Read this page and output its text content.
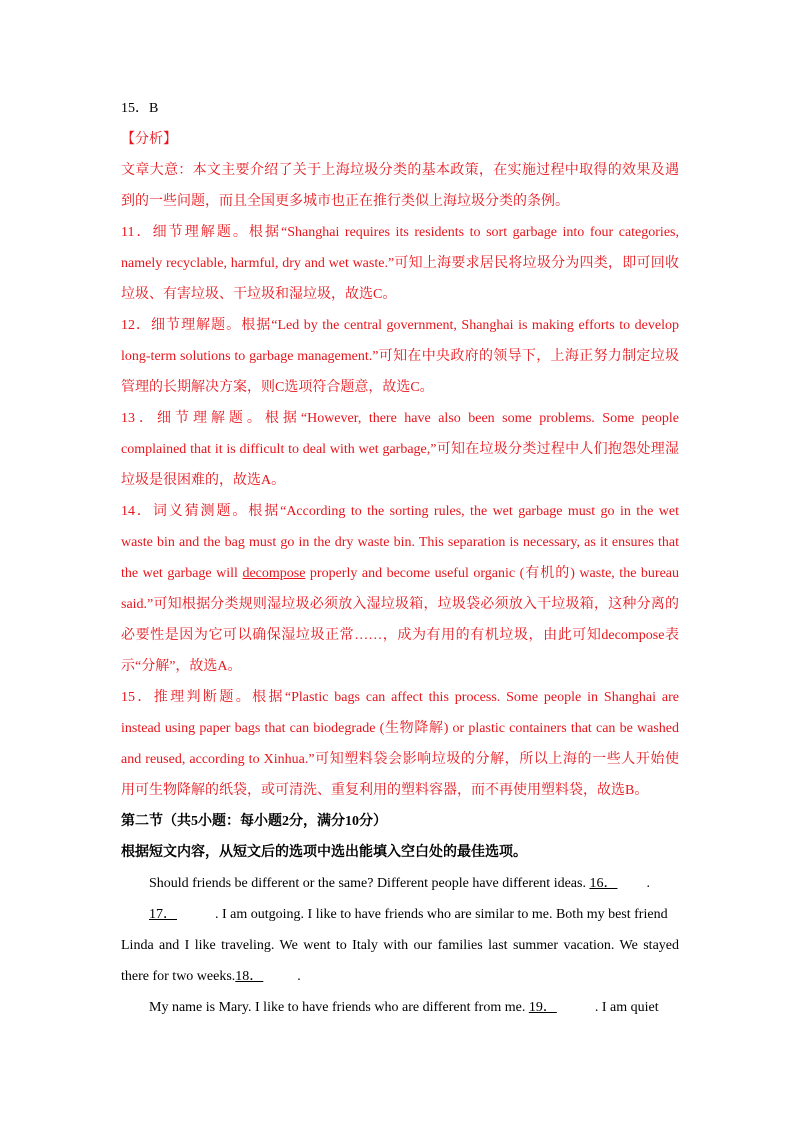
15．B
【分析】
文章大意：本文主要介绍了关于上海垃圾分类的基本政策，在实施过程中取得的效果及遇
到的一些问题，而且全国更多城市也正在推行类似上海垃圾分类的条例。
11．细节理解题。根据“Shanghai requires its residents to sort garbage into four categories,
namely recyclable, harmful, dry and wet waste.”可知上海要求居民将垃圾分为四类，即可回收
垃圾、有害垃圾、干垃圾和湿垃圾，故选C。
12．细节理解题。根据“Led by the central government, Shanghai is making efforts to develop
long-term solutions to garbage management.”可知在中央政府的领导下，上海正努力制定垃圾
管理的长期解决方案，则C选项符合题意，故选C。
13．细节理解题。根据“However, there have also been some problems. Some people
complained that it is difficult to deal with wet garbage,”可知在垃圾分类过程中人们抱怨处理湿
垃圾是很困难的，故选A。
14．词义猜测题。根据“According to the sorting rules, the wet garbage must go in the wet
waste bin and the bag must go in the dry waste bin. This separation is necessary, as it ensures that
the wet garbage will decompose properly and become useful organic (有机的) waste, the bureau
said.”可知根据分类规则湿垃圾必须放入湿垃圾箱，垃圾袋必须放入干垃圾箱，这种分离的
必要性是因为它可以确保湿垃圾正常……，成为有用的有机垃圾，由此可知decompose表
示“分解”，故选A。
15．推理判断题。根据“Plastic bags can affect this process. Some people in Shanghai are
instead using paper bags that can biodegrade (生物降解) or plastic containers that can be washed
and reused, according to Xinhua.”可知塑料袋会影响垃圾的分解，所以上海的一些人开始使
用可生物降解的纸袋，或可清洗、重复利用的塑料容器，而不再使用塑料袋，故选B。
第二节（共5小题：每小题2分，满分10分）
根据短文内容，从短文后的选项中选出能填入空白处的最佳选项。
Should friends be different or the same? Different people have different ideas. 16． .
17．	. I am outgoing. I like to have friends who are similar to me. Both my best friend
Linda and I like traveling. We went to Italy with our families last summer vacation. We stayed
there for two weeks.18． .
My name is Mary. I like to have friends who are different from me. 19．	. I am quiet
